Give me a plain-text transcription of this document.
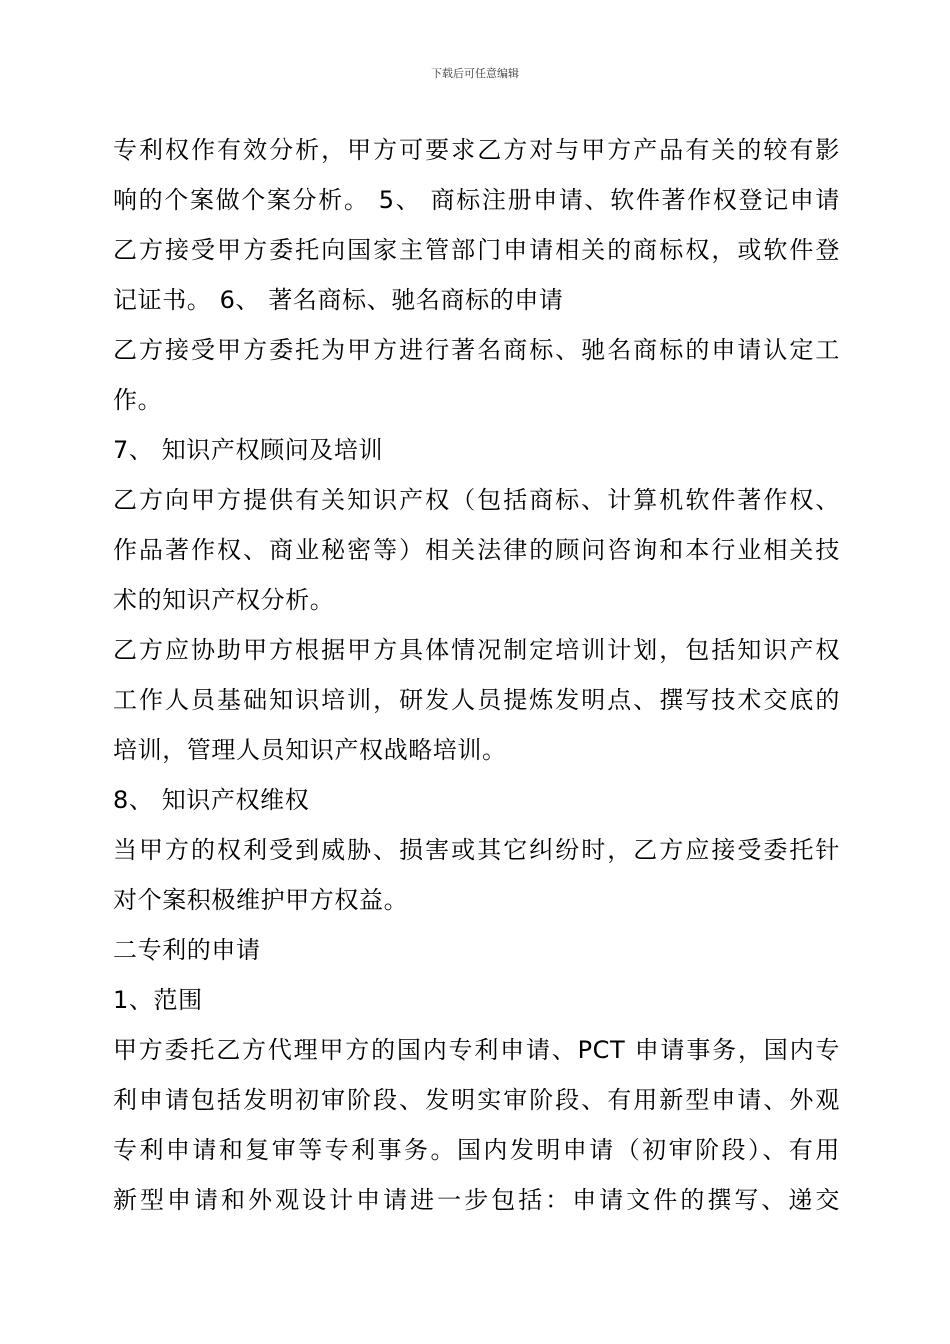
下载后可任意编辑
专利权作有效分析，甲方可要求乙方对与甲方产品有关的较有影
响的个案做个案分析。 5、 商标注册申请、软件著作权登记申请
乙方接受甲方委托向国家主管部门申请相关的商标权，或软件登
记证书。 6、 著名商标、驰名商标的申请
乙方接受甲方委托为甲方进行著名商标、驰名商标的申请认定工
作。
7、 知识产权顾问及培训
乙方向甲方提供有关知识产权（包括商标、计算机软件著作权、
作品著作权、商业秘密等）相关法律的顾问咨询和本行业相关技
术的知识产权分析。
乙方应协助甲方根据甲方具体情况制定培训计划，包括知识产权
工作人员基础知识培训，研发人员提炼发明点、撰写技术交底的
培训，管理人员知识产权战略培训。
8、 知识产权维权
当甲方的权利受到威胁、损害或其它纠纷时，乙方应接受委托针
对个案积极维护甲方权益。
二专利的申请
1、范围
甲方委托乙方代理甲方的国内专利申请、PCT 申请事务，国内专
利申请包括发明初审阶段、发明实审阶段、有用新型申请、外观
专利申请和复审等专利事务。国内发明申请（初审阶段）、有用
新型申请和外观设计申请进一步包括：申请文件的撰写、递交
